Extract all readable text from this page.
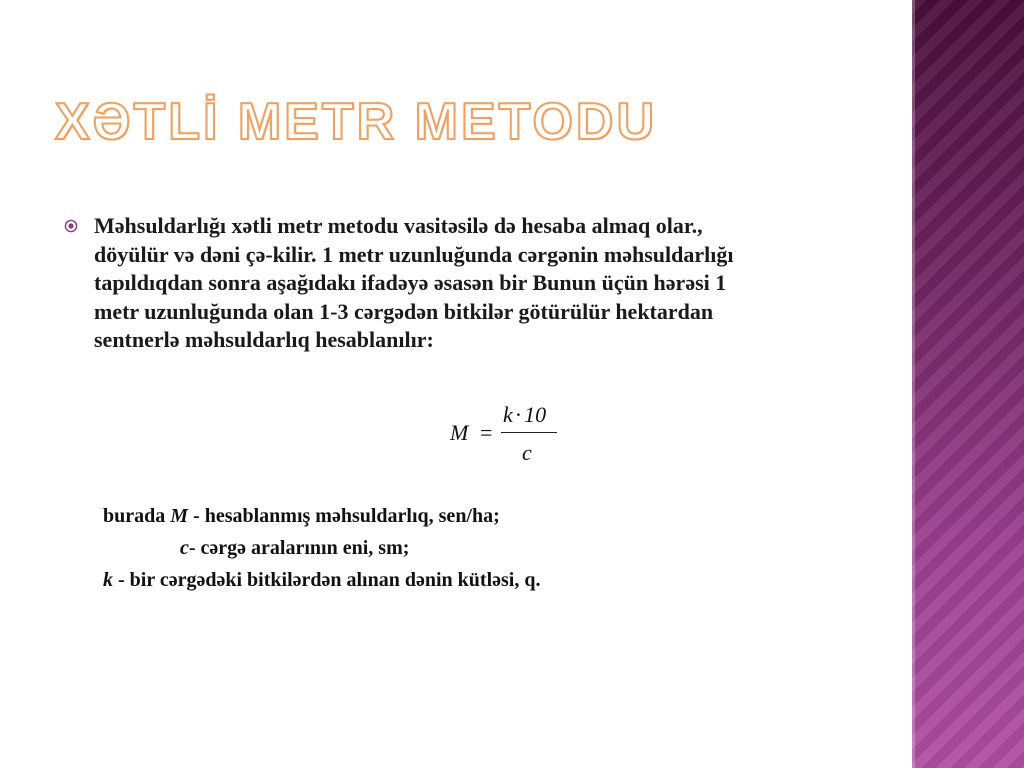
XƏTLİ METR METODU

Məhsuldarlığı xətli metr metodu vasitəsilə də hesaba almaq olar.,
döyülür və dəni çə-kilir. 1 metr uzunluğunda cərgənin məhsuldarlığı
tapıldıqdan sonra aşağıdakı ifadəyə əsasən bir Bunun üçün hərəsi 1
metr uzunluğunda olan 1-3 cərgədən bitkilər götürülür hektardan
sentnerlə məhsuldarlıq hesablanılır:

M =
k·10
c
burada M - hesablanmış məhsuldarlıq, sen/ha;
c- cərgə aralarının eni, sm;
k - bir cərgədəki bitkilərdən alınan dənin kütləsi, q.
